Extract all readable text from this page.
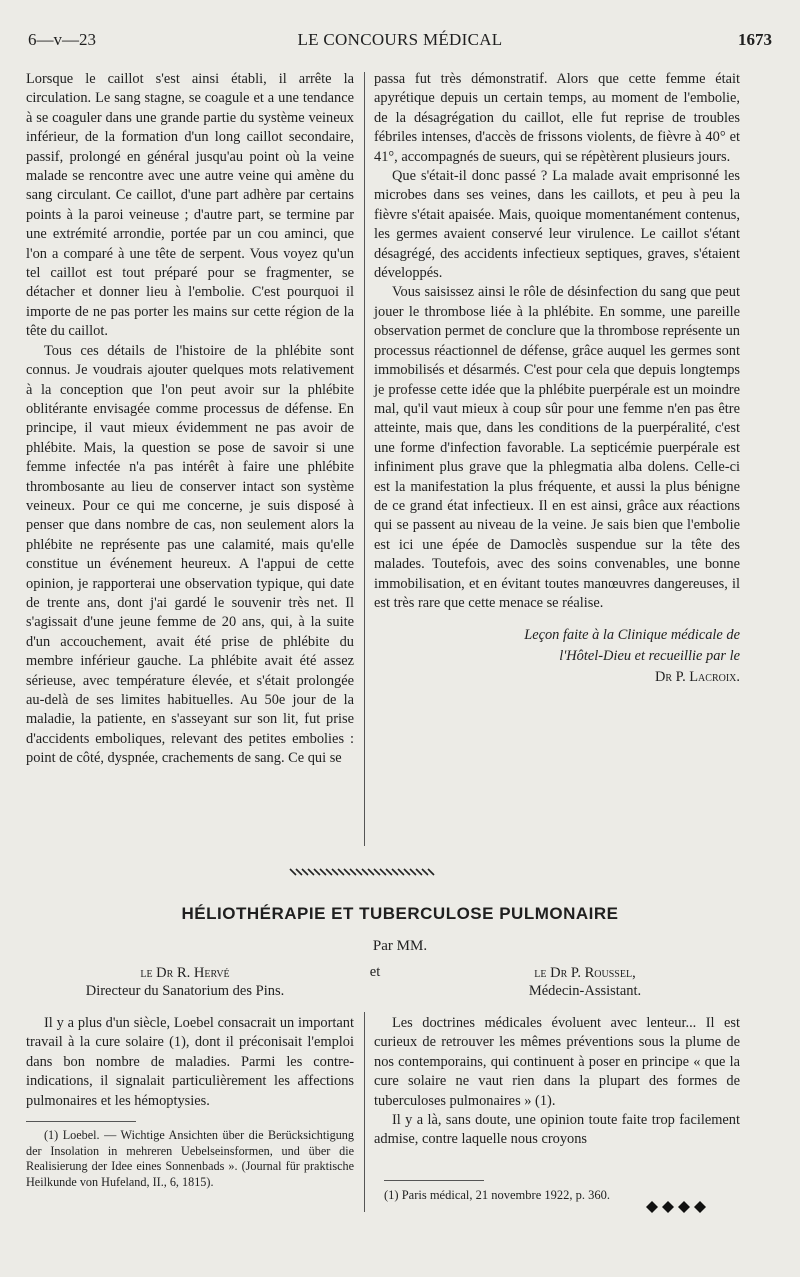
6—v—23	LE CONCOURS MÉDICAL	1673

Lorsque le caillot s'est ainsi établi, il arrête la circulation. Le sang stagne, se coagule et a une tendance à se coaguler dans une grande partie du système veineux inférieur, de la formation d'un long caillot secondaire, passif, prolongé en général jusqu'au point où la veine malade se rencontre avec une autre veine qui amène du sang circulant. Ce caillot, d'une part adhère par certains points à la paroi veineuse ; d'autre part, se termine par une extrémité arrondie, portée par un cou aminci, que l'on a comparé à une tête de serpent. Vous voyez qu'un tel caillot est tout préparé pour se fragmenter, se détacher et donner lieu à l'embolie. C'est pourquoi il importe de ne pas porter les mains sur cette région de la tête du caillot.

Tous ces détails de l'histoire de la phlébite sont connus. Je voudrais ajouter quelques mots relativement à la conception que l'on peut avoir sur la phlébite oblitérante envisagée comme processus de défense. En principe, il vaut mieux évidemment ne pas avoir de phlébite. Mais, la question se pose de savoir si une femme infectée n'a pas intérêt à faire une phlébite thrombosante au lieu de conserver intact son système veineux. Pour ce qui me concerne, je suis disposé à penser que dans nombre de cas, non seulement alors la phlébite ne représente pas une calamité, mais qu'elle constitue un événement heureux. A l'appui de cette opinion, je rapporterai une observation typique, qui date de trente ans, dont j'ai gardé le souvenir très net. Il s'agissait d'une jeune femme de 20 ans, qui, à la suite d'un accouchement, avait été prise de phlébite du membre inférieur gauche. La phlébite avait été assez sérieuse, avec température élevée, et s'était prolongée au-delà de ses limites habituelles. Au 50e jour de la maladie, la patiente, en s'asseyant sur son lit, fut prise d'accidents emboliques, relevant des petites embolies : point de côté, dyspnée, crachements de sang. Ce qui se

passa fut très démonstratif. Alors que cette femme était apyrétique depuis un certain temps, au moment de l'embolie, de la désagrégation du caillot, elle fut reprise de troubles fébriles intenses, d'accès de frissons violents, de fièvre à 40° et 41°, accompagnés de sueurs, qui se répètèrent plusieurs jours.

Que s'était-il donc passé ? La malade avait emprisonné les microbes dans ses veines, dans les caillots, et peu à peu la fièvre s'était apaisée. Mais, quoique momentanément contenus, les germes avaient conservé leur virulence. Le caillot s'étant désagrégé, des accidents infectieux septiques, graves, s'étaient développés.

Vous saisissez ainsi le rôle de désinfection du sang que peut jouer le thrombose liée à la phlébite. En somme, une pareille observation permet de conclure que la thrombose représente un processus réactionnel de défense, grâce auquel les germes sont immobilisés et désarmés. C'est pour cela que depuis longtemps je professe cette idée que la phlébite puerpérale est un moindre mal, qu'il vaut mieux à coup sûr pour une femme n'en pas être atteinte, mais que, dans les conditions de la puerpéralité, c'est une forme d'infection favorable. La septicémie puerpérale est infiniment plus grave que la phlegmatia alba dolens. Celle-ci est la manifestation la plus fréquente, et aussi la plus bénigne de ce grand état infectieux. Il en est ainsi, grâce aux réactions qui se passent au niveau de la veine. Je sais bien que l'embolie est ici une épée de Damoclès suspendue sur la tête des malades. Toutefois, avec des soins convenables, une bonne immobilisation, et en évitant toutes manœuvres dangereuses, il est très rare que cette menace se réalise.

Leçon faite à la Clinique médicale de
l'Hôtel-Dieu et recueillie par le
Dr P. Lacroix.
HÉLIOTHÉRAPIE ET TUBERCULOSE PULMONAIRE
Par MM.
le Dr R. Hervé
Directeur du Sanatorium des Pins.
et	le Dr P. Roussel,
Médecin-Assistant.

Il y a plus d'un siècle, Loebel consacrait un important travail à la cure solaire (1), dont il préconisait l'emploi dans bon nombre de maladies. Parmi les contre-indications, il signalait particulièrement les affections pulmonaires et les hémoptysies.

(1) Loebel. — Wichtige Ansichten über die Berücksichtigung der Insolation in mehreren Uebelseinsformen, und über die Realisierung der Idee eines Sonnenbads ». (Journal für praktische Heilkunde von Hufeland, II., 6, 1815).

Les doctrines médicales évoluent avec lenteur... Il est curieux de retrouver les mêmes préventions sous la plume de nos contemporains, qui continuent à poser en principe « que la cure solaire ne vaut rien dans la plupart des formes de tuberculoses pulmonaires » (1).

Il y a là, sans doute, une opinion toute faite trop facilement admise, contre laquelle nous croyons

(1) Paris médical, 21 novembre 1922, p. 360.
